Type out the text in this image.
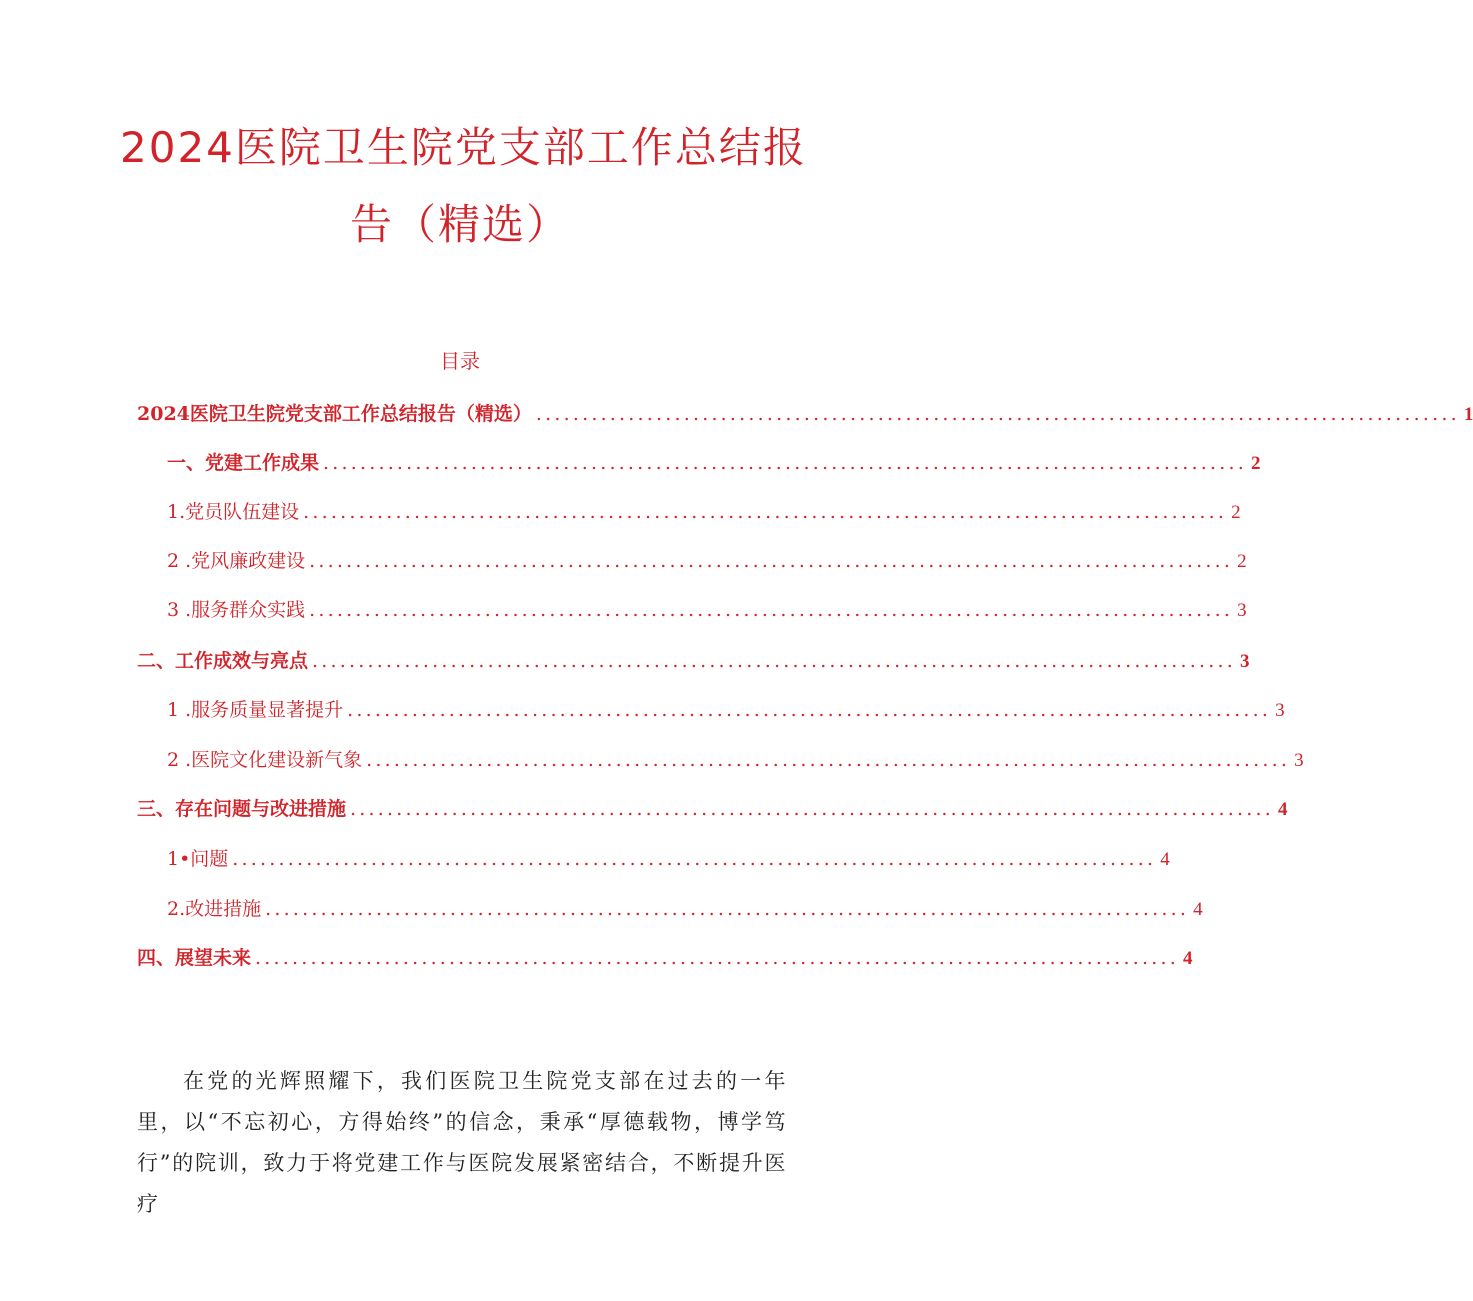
2024医院卫生院党支部工作总结报
告（精选）
目录
2024医院卫生院党支部工作总结报告（精选） .................................................................................................... 1
一、党建工作成果 .................................................................................................... 2
1.党员队伍建设 .................................................................................................... 2
2 .党风廉政建设 .................................................................................................... 2
3 .服务群众实践 .................................................................................................... 3
二、工作成效与亮点 .................................................................................................... 3
1 .服务质量显著提升 .................................................................................................... 3
2 .医院文化建设新气象 .................................................................................................... 3
三、存在问题与改进措施 .................................................................................................... 4
1•问题 .................................................................................................... 4
2.改进措施 .................................................................................................... 4
四、展望未来 .................................................................................................... 4

在党的光辉照耀下，我们医院卫生院党支部在过去的一年里，以“不忘初心，方得始终”的信念，秉承“厚德载物，博学笃行”的院训，致力于将党建工作与医院发展紧密结合，不断提升医疗
